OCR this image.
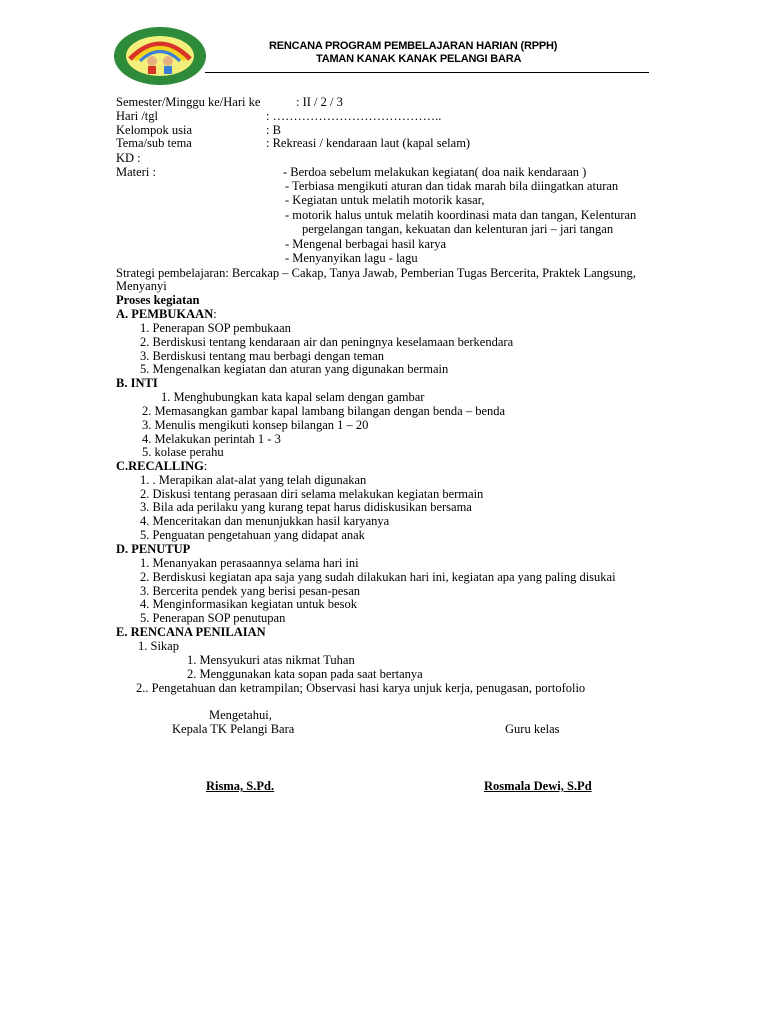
RENCANA PROGRAM PEMBELAJARAN HARIAN (RPPH)
TAMAN KANAK KANAK PELANGI BARA
Semester/Minggu ke/Hari ke	: II / 2 / 3
Hari /tgl	: …………………………………..
Kelompok usia	: B
Tema/sub tema	: Rekreasi / kendaraan laut (kapal selam)
KD :
Materi :	- Berdoa sebelum melakukan kegiatan( doa naik kendaraan )
- Terbiasa mengikuti aturan dan tidak marah bila diingatkan aturan
- Kegiatan untuk melatih motorik kasar,
- motorik halus untuk melatih koordinasi mata dan tangan, Kelenturan
pergelangan tangan, kekuatan dan kelenturan jari – jari tangan
- Mengenal berbagai hasil karya
- Menyanyikan lagu - lagu
Strategi pembelajaran: Bercakap – Cakap, Tanya Jawab, Pemberian Tugas Bercerita, Praktek Langsung,
Menyanyi
Proses kegiatan
A. PEMBUKAAN:
1. Penerapan SOP pembukaan
2. Berdiskusi tentang kendaraan air dan peningnya keselamaan berkendara
3. Berdiskusi tentang mau berbagi dengan teman
5. Mengenalkan kegiatan dan aturan yang digunakan bermain
B. INTI
1. Menghubungkan kata kapal selam dengan gambar
2. Memasangkan gambar kapal lambang bilangan dengan benda – benda
3. Menulis mengikuti konsep bilangan 1 – 20
4. Melakukan perintah 1 - 3
5. kolase perahu
C.RECALLING:
1. . Merapikan alat-alat yang telah digunakan
2. Diskusi tentang perasaan diri selama melakukan kegiatan bermain
3. Bila ada perilaku yang kurang tepat harus didiskusikan bersama
4. Menceritakan dan menunjukkan hasil karyanya
5. Penguatan pengetahuan yang didapat anak
D. PENUTUP
1. Menanyakan perasaannya selama hari ini
2. Berdiskusi kegiatan apa saja yang sudah dilakukan hari ini, kegiatan apa yang paling disukai
3. Bercerita pendek yang berisi pesan-pesan
4. Menginformasikan kegiatan untuk besok
5. Penerapan SOP penutupan
E. RENCANA PENILAIAN
1. Sikap
1. Mensyukuri atas nikmat Tuhan
2. Menggunakan kata sopan pada saat bertanya
2.. Pengetahuan dan ketrampilan; Observasi hasi karya unjuk kerja, penugasan, portofolio
Mengetahui,
Kepala TK Pelangi Bara	Guru kelas
Risma, S.Pd.	Rosmala Dewi, S.Pd
